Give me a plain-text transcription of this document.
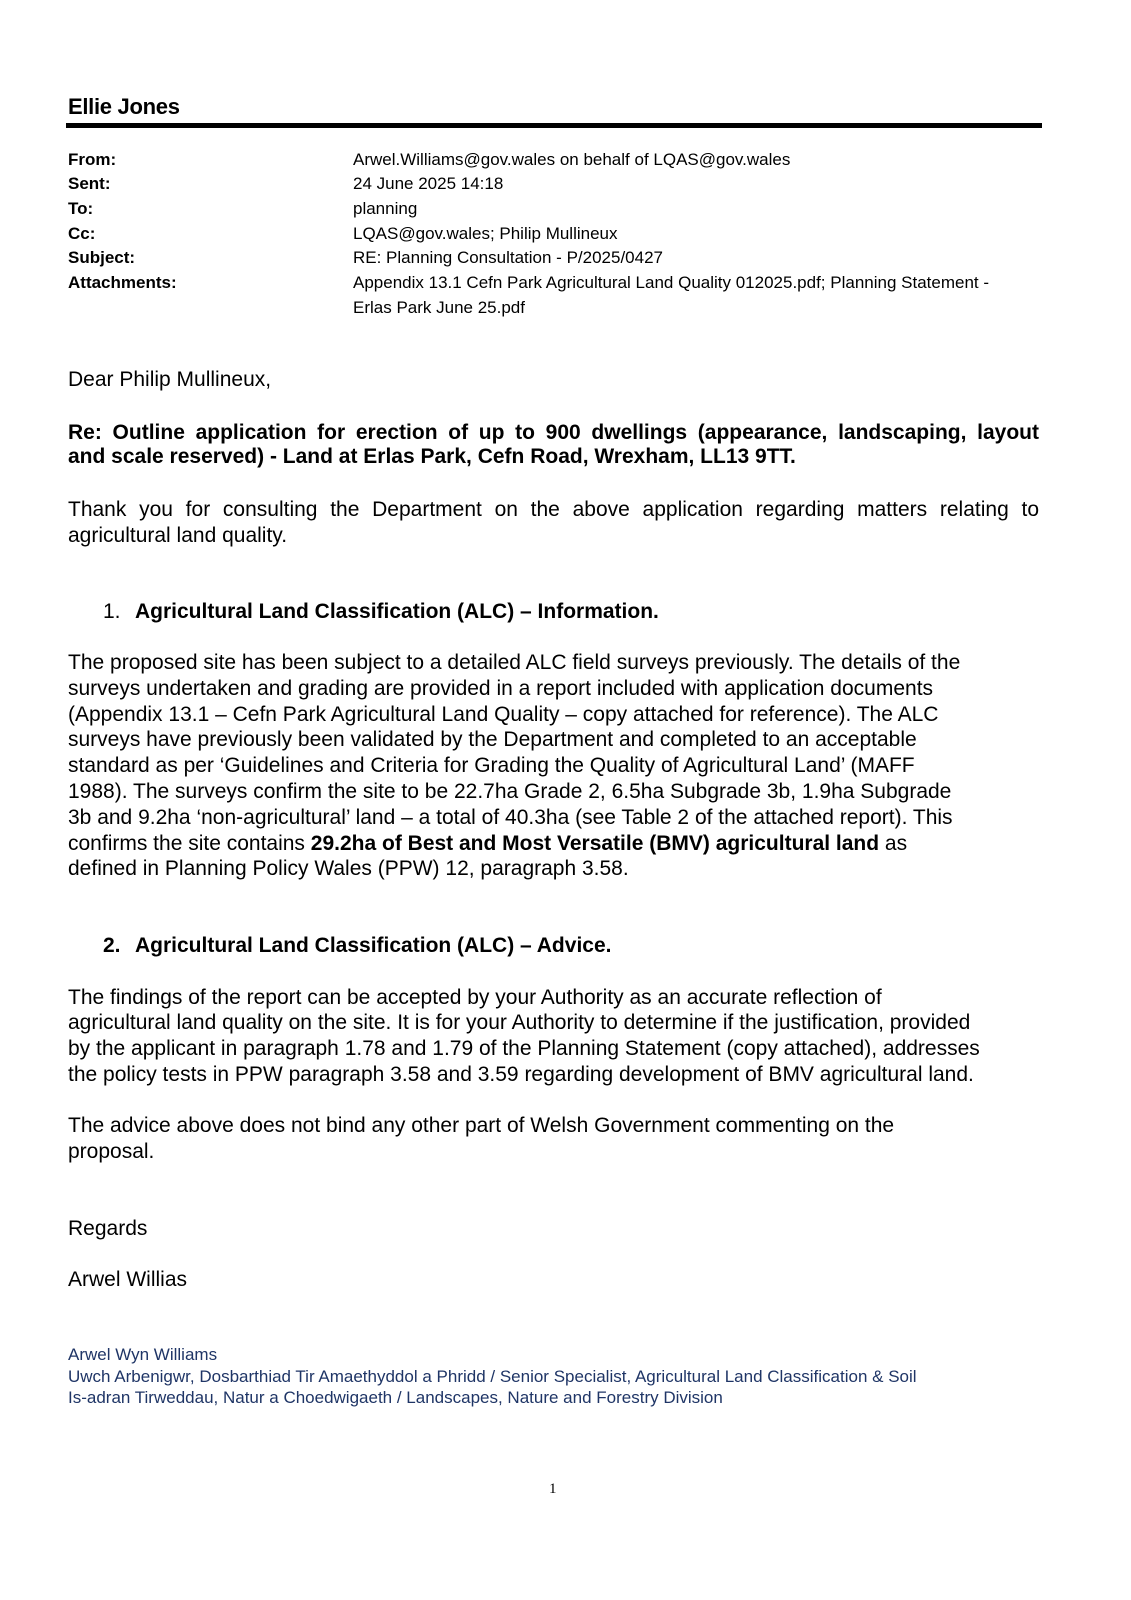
Ellie Jones
From:	Arwel.Williams@gov.wales on behalf of LQAS@gov.wales
Sent:	24 June 2025 14:18
To:	planning
Cc:	LQAS@gov.wales; Philip Mullineux
Subject:	RE: Planning Consultation - P/2025/0427
Attachments:	Appendix 13.1 Cefn Park Agricultural Land Quality 012025.pdf; Planning Statement -
Erlas Park June 25.pdf
Dear Philip Mullineux,
Re: Outline application for erection of up to 900 dwellings (appearance, landscaping, layout
and scale reserved) - Land at Erlas Park, Cefn Road, Wrexham, LL13 9TT.
Thank you for consulting the Department on the above application regarding matters relating to
agricultural land quality.
1. Agricultural Land Classification (ALC) – Information.
The proposed site has been subject to a detailed ALC field surveys previously. The details of the
surveys undertaken and grading are provided in a report included with application documents
(Appendix 13.1 – Cefn Park Agricultural Land Quality – copy attached for reference). The ALC
surveys have previously been validated by the Department and completed to an acceptable
standard as per ‘Guidelines and Criteria for Grading the Quality of Agricultural Land’ (MAFF
1988). The surveys confirm the site to be 22.7ha Grade 2, 6.5ha Subgrade 3b, 1.9ha Subgrade
3b and 9.2ha ‘non-agricultural’ land – a total of 40.3ha (see Table 2 of the attached report). This
confirms the site contains 29.2ha of Best and Most Versatile (BMV) agricultural land as
defined in Planning Policy Wales (PPW) 12, paragraph 3.58.
2. Agricultural Land Classification (ALC) – Advice.
The findings of the report can be accepted by your Authority as an accurate reflection of
agricultural land quality on the site. It is for your Authority to determine if the justification, provided
by the applicant in paragraph 1.78 and 1.79 of the Planning Statement (copy attached), addresses
the policy tests in PPW paragraph 3.58 and 3.59 regarding development of BMV agricultural land.
The advice above does not bind any other part of Welsh Government commenting on the
proposal.
Regards
Arwel Willias
Arwel Wyn Williams
Uwch Arbenigwr, Dosbarthiad Tir Amaethyddol a Phridd / Senior Specialist, Agricultural Land Classification & Soil
Is-adran Tirweddau, Natur a Choedwigaeth / Landscapes, Nature and Forestry Division
1
